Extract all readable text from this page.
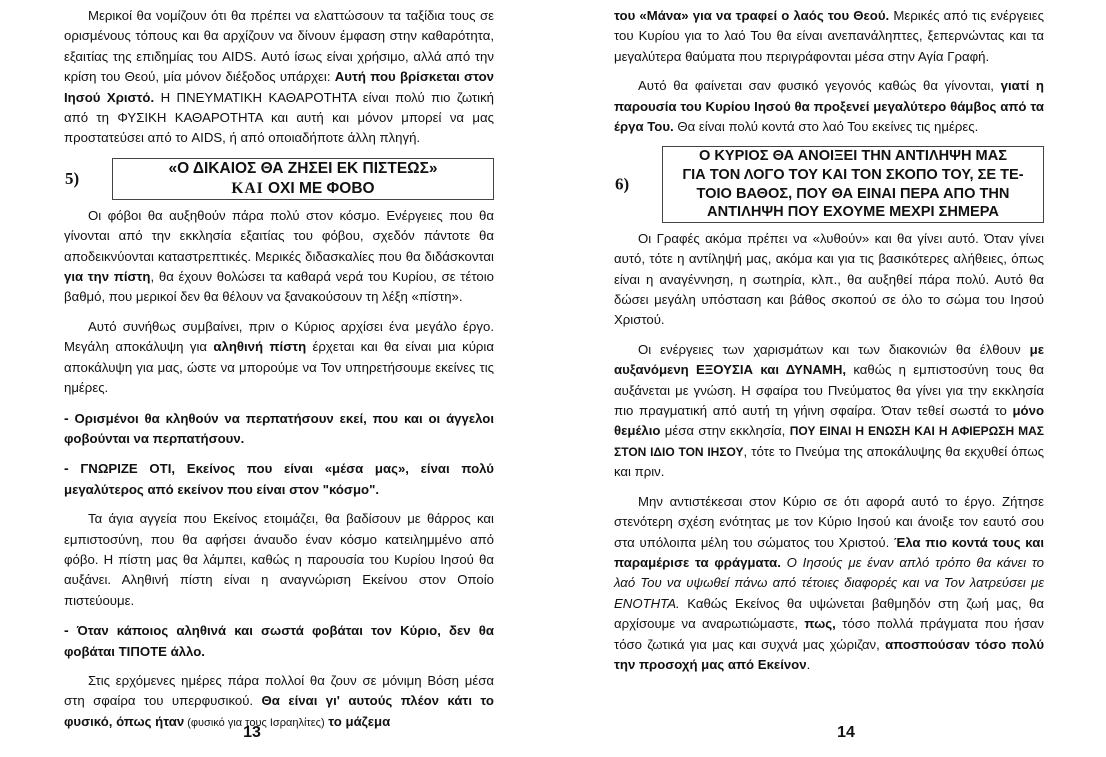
Μερικοί θα νομίζουν ότι θα πρέπει να ελαττώσουν τα ταξίδια τους σε ορισμένους τόπους και θα αρχίζουν να δίνουν έμφαση στην καθαρότητα, εξαιτίας της επιδημίας του AIDS. Αυτό ίσως είναι χρήσιμο, αλλά από την κρίση του Θεού, μία μόνον διέξοδος υπάρχει: Αυτή που βρίσκεται στον Ιησού Χριστό. Η ΠΝΕΥΜΑΤΙΚΗ ΚΑΘΑΡΟΤΗΤΑ είναι πολύ πιο ζωτική από τη ΦΥΣΙΚΗ ΚΑΘΑΡΟΤΗΤΑ και αυτή και μόνον μπορεί να μας προστατεύσει από το AIDS, ή από οποιαδήποτε άλλη πληγή.

5)
«Ο ΔΙΚΑΙΟΣ ΘΑ ΖΗΣΕΙ ΕΚ ΠΙΣΤΕΩΣ»
ΚΑΙ ΟΧΙ ΜΕ ΦΟΒΟ

Οι φόβοι θα αυξηθούν πάρα πολύ στον κόσμο. Ενέργειες που θα γίνονται από την εκκλησία εξαιτίας του φόβου, σχεδόν πάντοτε θα αποδεικνύονται καταστρεπτικές. Μερικές διδασκαλίες που θα διδάσκονται για την πίστη, θα έχουν θολώσει τα καθαρά νερά του Κυρίου, σε τέτοιο βαθμό, που μερικοί δεν θα θέλουν να ξανακούσουν τη λέξη «πίστη».

Αυτό συνήθως συμβαίνει, πριν ο Κύριος αρχίσει ένα μεγάλο έργο. Μεγάλη αποκάλυψη για αληθινή πίστη έρχεται και θα είναι μια κύρια αποκάλυψη για μας, ώστε να μπορούμε να Τον υπηρετήσουμε εκείνες τις ημέρες.

- Ορισμένοι θα κληθούν να περπατήσουν εκεί, που και οι άγγελοι φοβούνται να περπατήσουν.

- ΓΝΩΡΙΖΕ ΟΤΙ, Εκείνος που είναι «μέσα μας», είναι πολύ μεγαλύτερος από εκείνον που είναι στον "κόσμο".

Τα άγια αγγεία που Εκείνος ετοιμάζει, θα βαδίσουν με θάρρος και εμπιστοσύνη, που θα αφήσει άναυδο έναν κόσμο κατειλημμένο από φόβο. Η πίστη μας θα λάμπει, καθώς η παρουσία του Κυρίου Ιησού θα αυξάνει. Αληθινή πίστη είναι η αναγνώριση Εκείνου στον Οποίο πιστεύουμε.

- Όταν κάποιος αληθινά και σωστά φοβάται τον Κύριο, δεν θα φοβάται ΤΙΠΟΤΕ άλλο.

Στις ερχόμενες ημέρες πάρα πολλοί θα ζουν σε μόνιμη Βόση μέσα στη σφαίρα του υπερφυσικού. Θα είναι γι' αυτούς πλέον κάτι το φυσικό, όπως ήταν (φυσικό για τους Ισραηλίτες) το μάζεμα

13

του «Μάνα» για να τραφεί ο λαός του Θεού. Μερικές από τις ενέργειες του Κυρίου για το λαό Του θα είναι ανεπανάληπτες, ξεπερνώντας και τα μεγαλύτερα θαύματα που περιγράφονται μέσα στην Αγία Γραφή.

Αυτό θα φαίνεται σαν φυσικό γεγονός καθώς θα γίνονται, γιατί η παρουσία του Κυρίου Ιησού θα προξενεί μεγαλύτερο θάμβος από τα έργα Του. Θα είναι πολύ κοντά στο λαό Του εκείνες τις ημέρες.

6)
Ο ΚΥΡΙΟΣ ΘΑ ΑΝΟΙΞΕΙ ΤΗΝ ΑΝΤΙΛΗΨΗ ΜΑΣ
ΓΙΑ ΤΟΝ ΛΟΓΟ ΤΟΥ ΚΑΙ ΤΟΝ ΣΚΟΠΟ ΤΟΥ, ΣΕ ΤΕ-
ΤΟΙΟ ΒΑΘΟΣ, ΠΟΥ ΘΑ ΕΙΝΑΙ ΠΕΡΑ ΑΠΟ ΤΗΝ
ΑΝΤΙΛΗΨΗ ΠΟΥ ΕΧΟΥΜΕ ΜΕΧΡΙ ΣΗΜΕΡΑ

Οι Γραφές ακόμα πρέπει να «λυθούν» και θα γίνει αυτό. Όταν γίνει αυτό, τότε η αντίληψή μας, ακόμα και για τις βασικότερες αλήθειες, όπως είναι η αναγέννηση, η σωτηρία, κλπ., θα αυξηθεί πάρα πολύ. Αυτό θα δώσει μεγάλη υπόσταση και βάθος σκοπού σε όλο το σώμα του Ιησού Χριστού.

Οι ενέργειες των χαρισμάτων και των διακονιών θα έλθουν με αυξανόμενη ΕΞΟΥΣΙΑ και ΔΥΝΑΜΗ, καθώς η εμπιστοσύνη τους θα αυξάνεται με γνώση. Η σφαίρα του Πνεύματος θα γίνει για την εκκλησία πιο πραγματική από αυτή τη γήινη σφαίρα. Όταν τεθεί σωστά το μόνο θεμέλιο μέσα στην εκκλησία, ΠΟΥ ΕΙΝΑΙ Η ΕΝΩΣΗ ΚΑΙ Η ΑΦΙΕΡΩΣΗ ΜΑΣ ΣΤΟΝ ΙΔΙΟ ΤΟΝ ΙΗΣΟΥ, τότε το Πνεύμα της αποκάλυψης θα εκχυθεί όπως και πριν.

Μην αντιστέκεσαι στον Κύριο σε ότι αφορά αυτό το έργο. Ζήτησε στενότερη σχέση ενότητας με τον Κύριο Ιησού και άνοιξε τον εαυτό σου στα υπόλοιπα μέλη του σώματος του Χριστού. Έλα πιο κοντά τους και παραμέρισε τα φράγματα. Ο Ιησούς με έναν απλό τρόπο θα κάνει το λαό Του να υψωθεί πάνω από τέτοιες διαφορές και να Τον λατρεύσει με ΕΝΟΤΗΤΑ. Καθώς Εκείνος θα υψώνεται βαθμηδόν στη ζωή μας, θα αρχίσουμε να αναρωτιώμαστε, πως, τόσο πολλά πράγματα που ήσαν τόσο ζωτικά για μας και συχνά μας χώριζαν, αποσπούσαν τόσο πολύ την προσοχή μας από Εκείνον.

14
